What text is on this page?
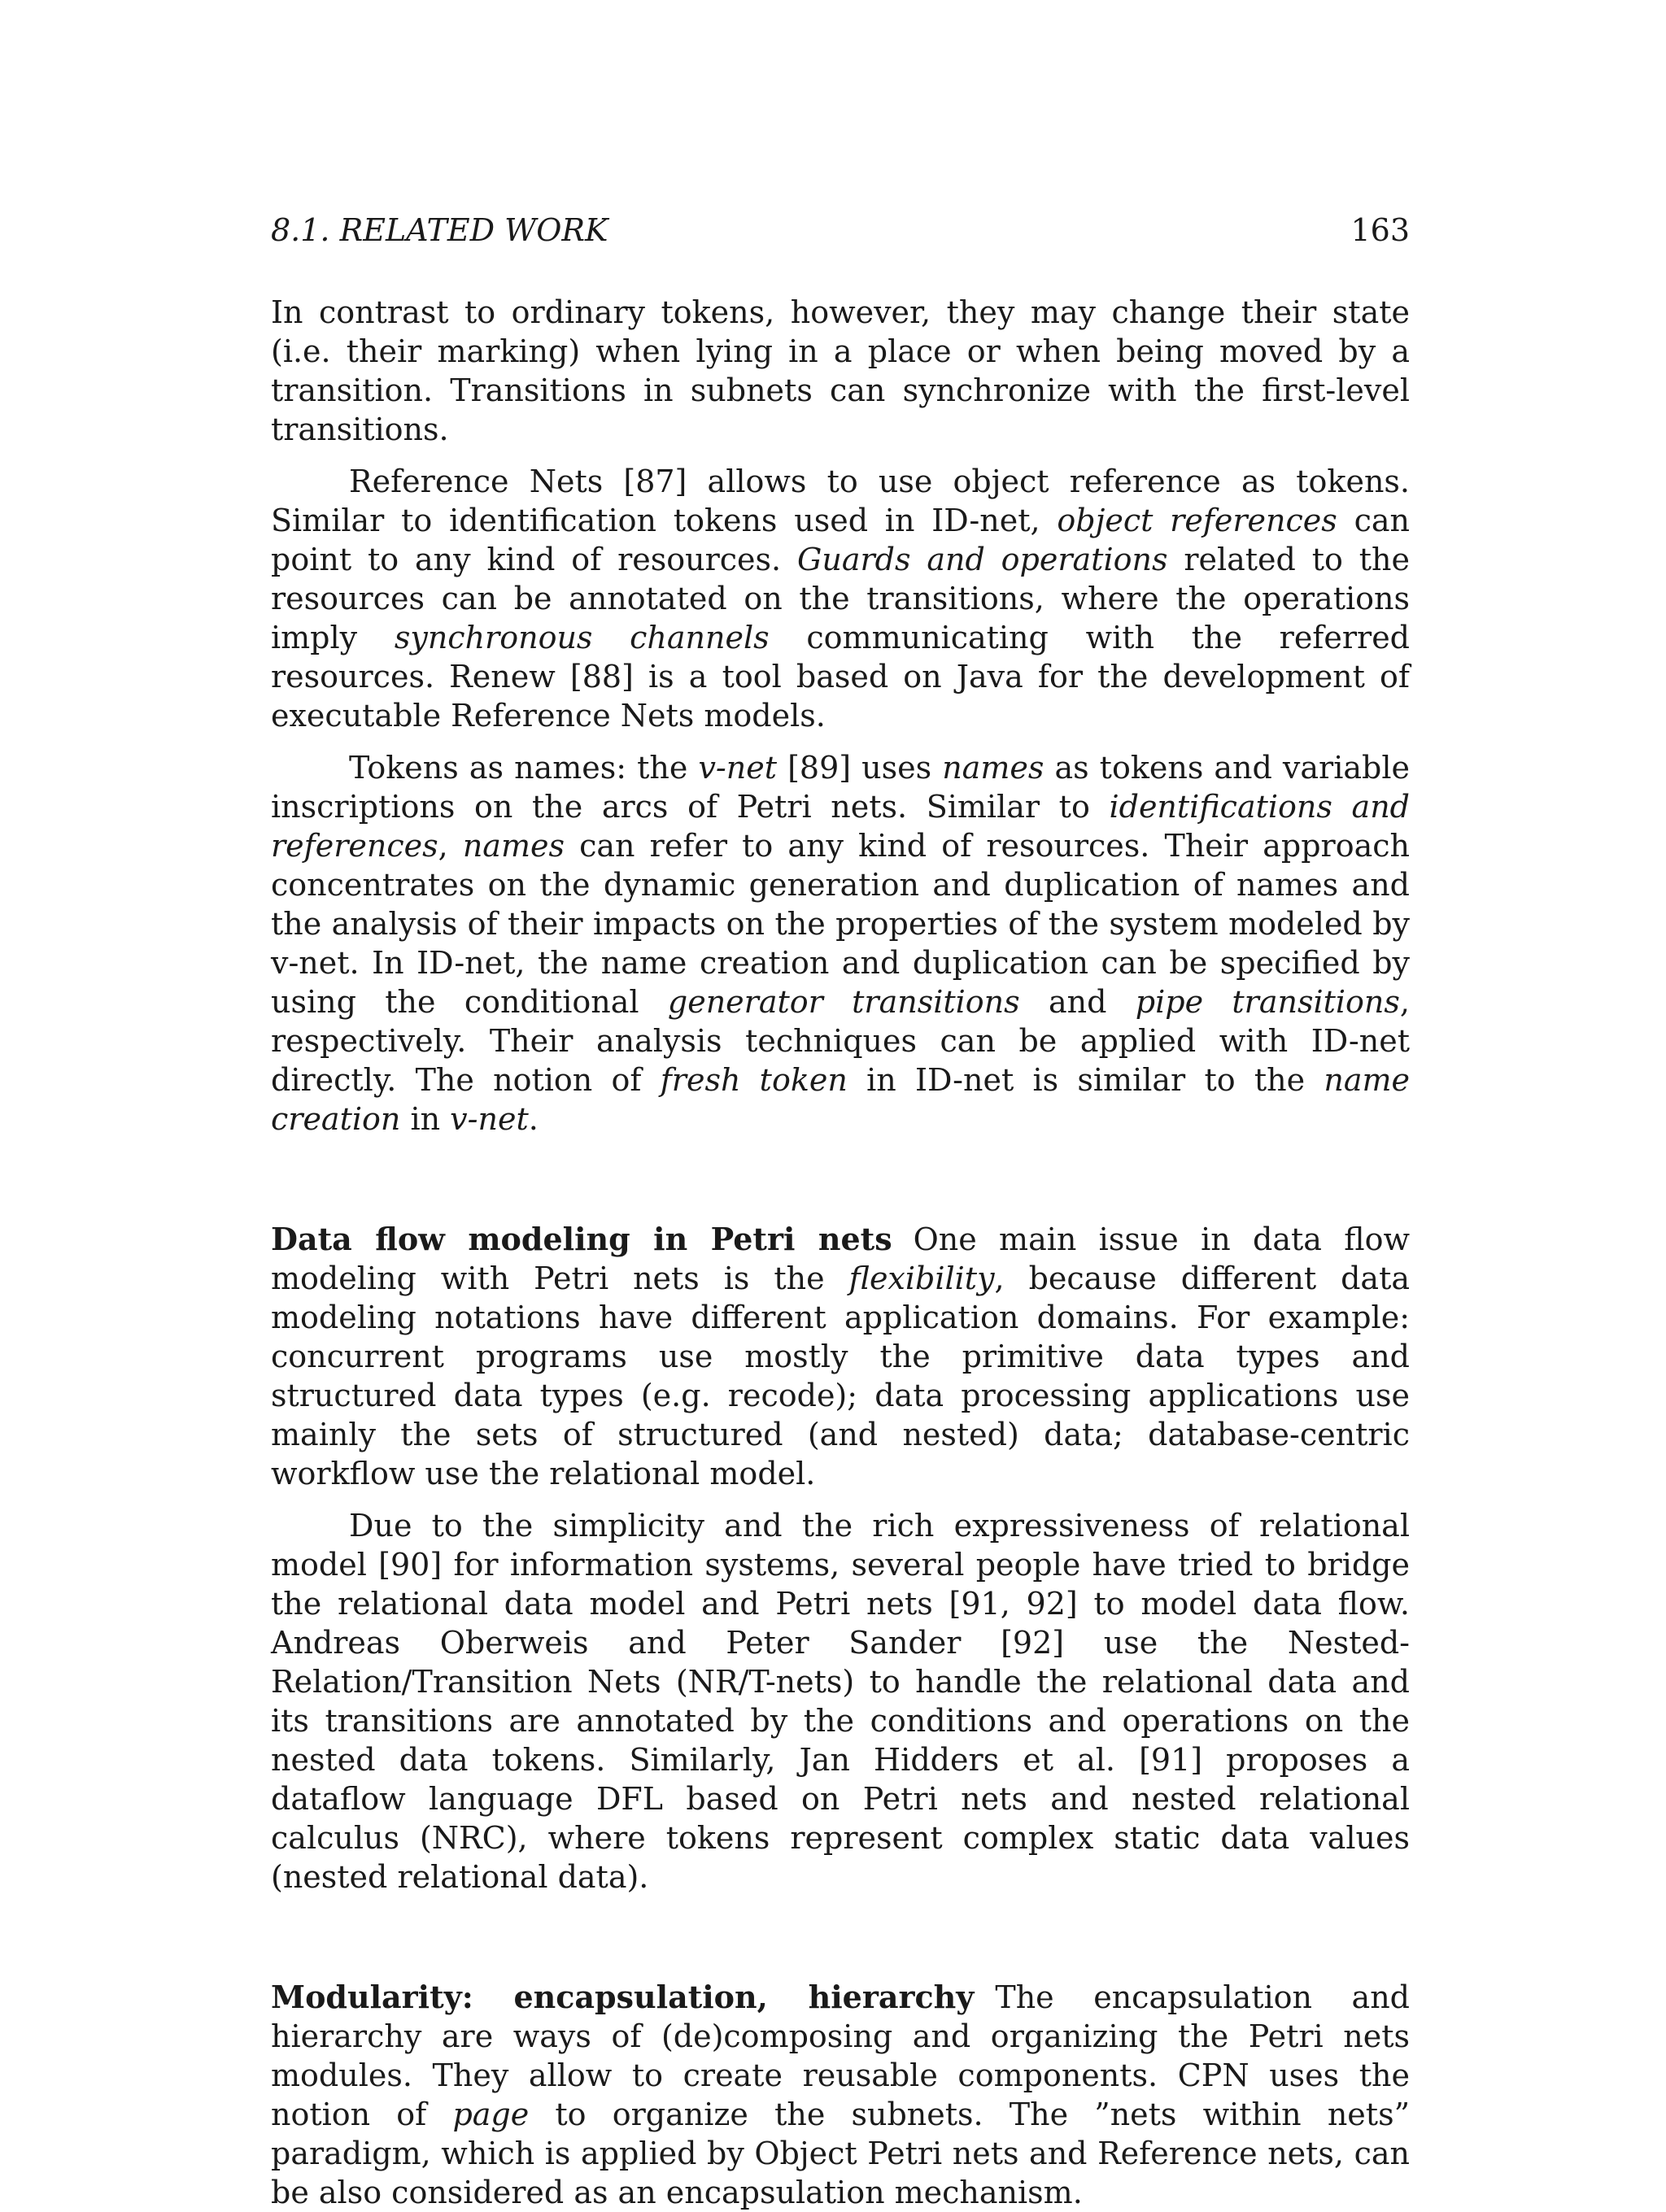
8.1. RELATED WORK	163

In contrast to ordinary tokens, however, they may change their state (i.e. their marking) when lying in a place or when being moved by a transition. Transitions in subnets can synchronize with the first-level transitions.

Reference Nets [87] allows to use object reference as tokens. Similar to identification tokens used in ID-net, object references can point to any kind of resources. Guards and operations related to the resources can be annotated on the transitions, where the operations imply synchronous channels communicating with the referred resources. Renew [88] is a tool based on Java for the development of executable Reference Nets models.

Tokens as names: the v-net [89] uses names as tokens and variable inscriptions on the arcs of Petri nets. Similar to identifications and references, names can refer to any kind of resources. Their approach concentrates on the dynamic generation and duplication of names and the analysis of their impacts on the properties of the system modeled by v-net. In ID-net, the name creation and duplication can be specified by using the conditional generator transitions and pipe transitions, respectively. Their analysis techniques can be applied with ID-net directly. The notion of fresh token in ID-net is similar to the name creation in v-net.

Data flow modeling in Petri nets One main issue in data flow modeling with Petri nets is the flexibility, because different data modeling notations have different application domains. For example: concurrent programs use mostly the primitive data types and structured data types (e.g. recode); data processing applications use mainly the sets of structured (and nested) data; database-centric workflow use the relational model.

Due to the simplicity and the rich expressiveness of relational model [90] for information systems, several people have tried to bridge the relational data model and Petri nets [91, 92] to model data flow. Andreas Oberweis and Peter Sander [92] use the Nested-Relation/Transition Nets (NR/T-nets) to handle the relational data and its transitions are annotated by the conditions and operations on the nested data tokens. Similarly, Jan Hidders et al. [91] proposes a dataflow language DFL based on Petri nets and nested relational calculus (NRC), where tokens represent complex static data values (nested relational data).

Modularity: encapsulation, hierarchy The encapsulation and hierarchy are ways of (de)composing and organizing the Petri nets modules. They allow to create reusable components. CPN uses the notion of page to organize the subnets. The ”nets within nets” paradigm, which is applied by Object Petri nets and Reference nets, can be also considered as an encapsulation mechanism.
